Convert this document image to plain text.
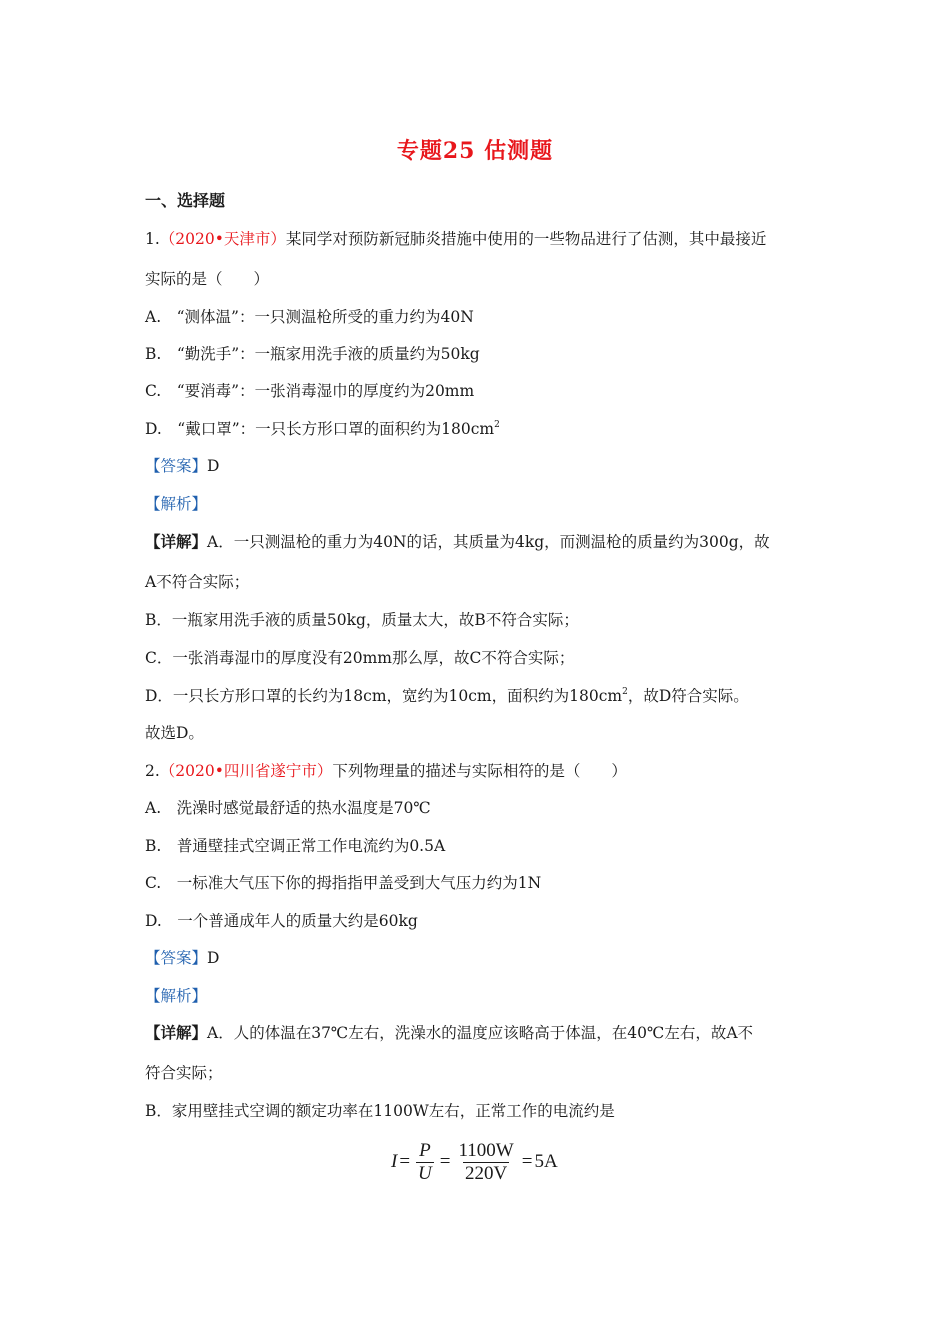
专题25 估测题
一、选择题
1.（2020•天津市）某同学对预防新冠肺炎措施中使用的一些物品进行了估测，其中最接近
实际的是（　　）
A.　“测体温”：一只测温枪所受的重力约为40N
B.　“勤洗手”：一瓶家用洗手液的质量约为50kg
C.　“要消毒”：一张消毒湿巾的厚度约为20mm
D.　“戴口罩”：一只长方形口罩的面积约为$180cm^2$
【答案】D
【解析】
【详解】A．一只测温枪的重力为40N的话，其质量为4kg，而测温枪的质量约为300g，故
A不符合实际；
B．一瓶家用洗手液的质量50kg，质量太大，故B不符合实际；
C．一张消毒湿巾的厚度没有20mm那么厚，故C不符合实际；
D．一只长方形口罩的长约为18cm，宽约为10cm，面积约为$180cm^2$，故D符合实际。
故选D。
2.（2020•四川省遂宁市）下列物理量的描述与实际相符的是（　　）
A.　洗澡时感觉最舒适的热水温度是70℃
B.　普通壁挂式空调正常工作电流约为0.5A
C.　一标准大气压下你的拇指指甲盖受到大气压力约为1N
D.　一个普通成年人的质量大约是60kg
【答案】D
【解析】
【详解】A．人的体温在37℃左右，洗澡水的温度应该略高于体温，在40℃左右，故A不
符合实际；
B．家用壁挂式空调的额定功率在1100W左右，正常工作的电流约是
$I = \frac{P}{U} = \frac{1100W}{220V} = 5A$
